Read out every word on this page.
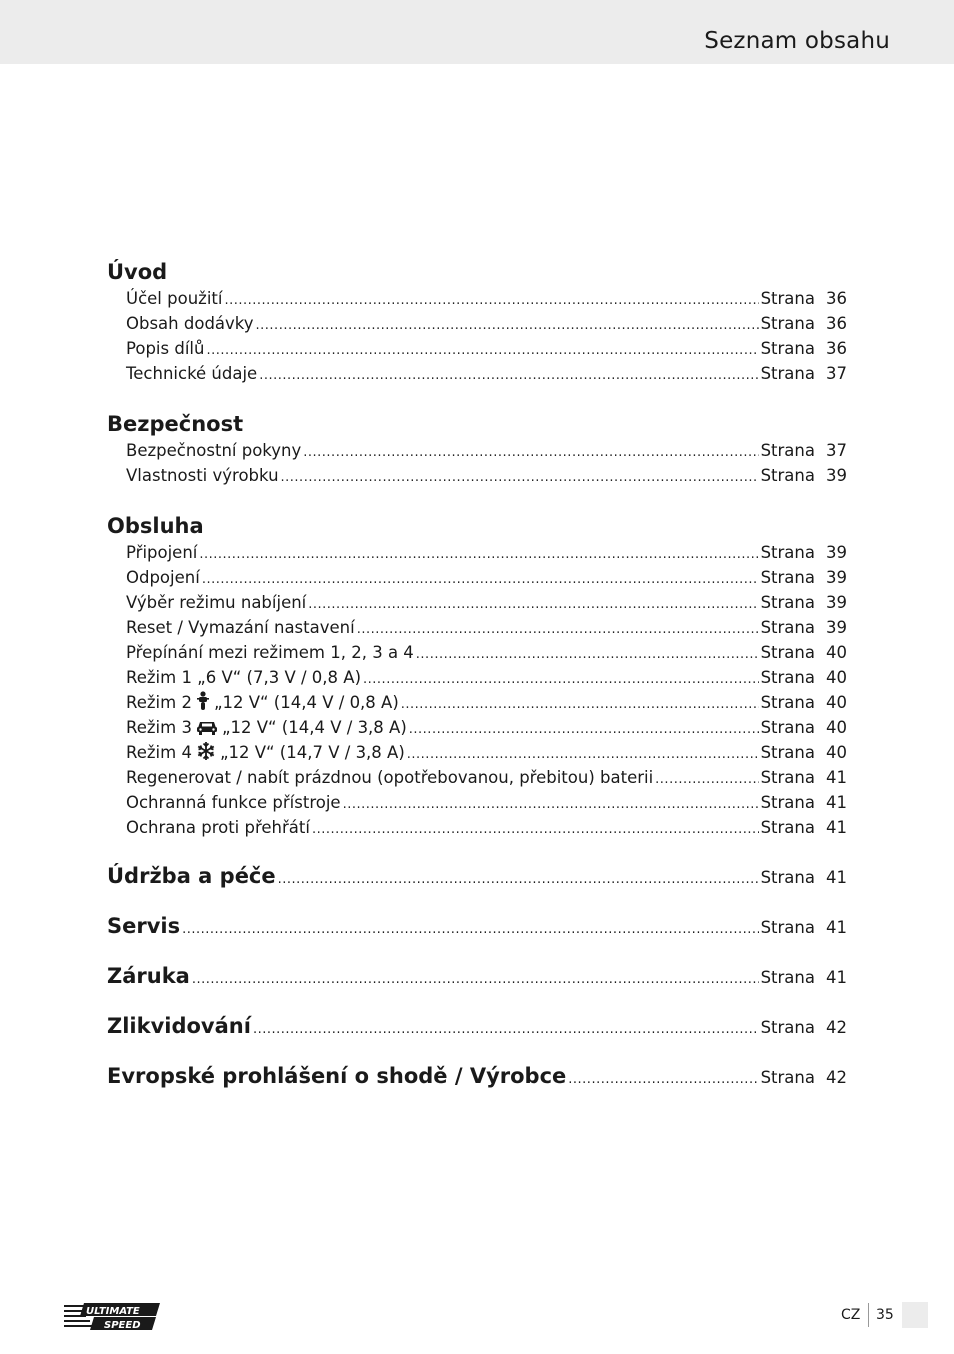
Seznam obsahu
Úvod
Účel použití .....	Strana 36
Obsah dodávky .....	Strana 36
Popis dílů .....	Strana 36
Technické údaje .....	Strana 37
Bezpečnost
Bezpečnostní pokyny .....	Strana 37
Vlastnosti výrobku .....	Strana 39
Obsluha
Připojení .....	Strana 39
Odpojení .....	Strana 39
Výběr režimu nabíjení .....	Strana 39
Reset / Vymazání nastavení .....	Strana 39
Přepínání mezi režimem 1, 2, 3 a 4 .....	Strana 40
Režim 1 „6 V“ (7,3 V / 0,8 A) .....	Strana 40
Režim 2 „12 V“ (14,4 V / 0,8 A) .....	Strana 40
Režim 3 „12 V“ (14,4 V / 3,8 A) .....	Strana 40
Režim 4 „12 V“ (14,7 V / 3,8 A) .....	Strana 40
Regenerovat / nabít prázdnou (opotřebovanou, přebitou) baterii .....	Strana 41
Ochranná funkce přístroje .....	Strana 41
Ochrana proti přehřátí .....	Strana 41
Údržba a péče .....	Strana 41
Servis .....	Strana 41
Záruka .....	Strana 41
Zlikvidování .....	Strana 42
Evropské prohlášení o shodě / Výrobce .....	Strana 42
ULTIMATE
SPEED
CZ 35
